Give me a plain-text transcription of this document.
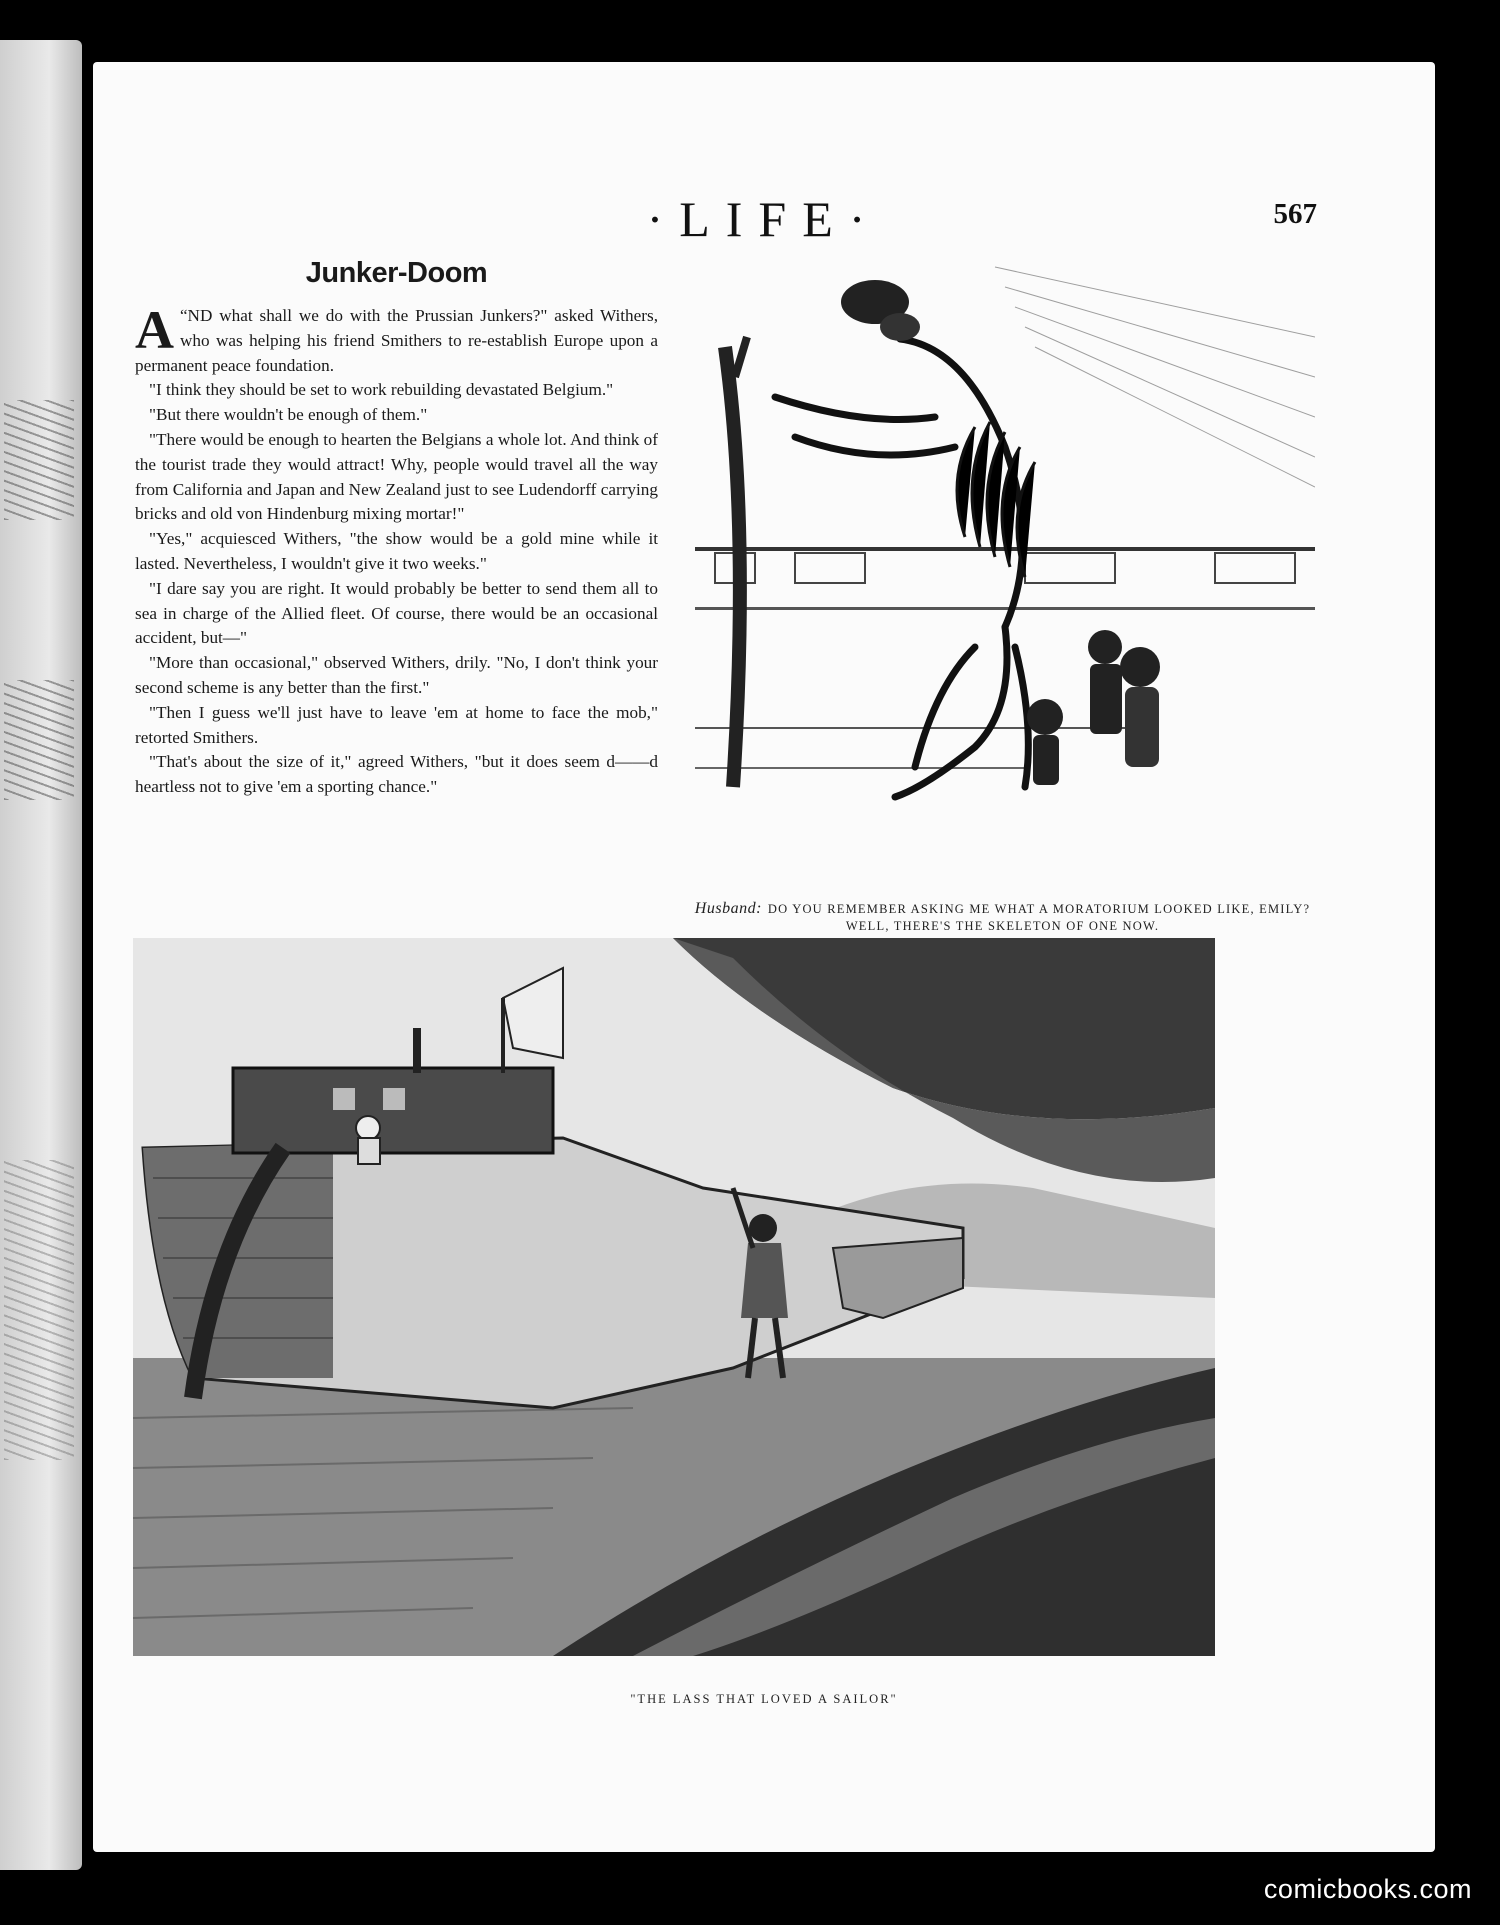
·LIFE·	567
Junker-Doom

“
A ND what shall we do with the Prussian Junkers?" asked Withers, who was helping his friend Smithers to re-establish Europe upon a permanent peace foundation.

"I think they should be set to work rebuilding devastated Belgium."

"But there wouldn't be enough of them."

"There would be enough to hearten the Belgians a whole lot. And think of the tourist trade they would attract! Why, people would travel all the way from California and Japan and New Zealand just to see Ludendorff carrying bricks and old von Hindenburg mixing mortar!"

"Yes," acquiesced Withers, "the show would be a gold mine while it lasted. Nevertheless, I wouldn't give it two weeks."

"I dare say you are right. It would probably be better to send them all to sea in charge of the Allied fleet. Of course, there would be an occasional accident, but—"

"More than occasional," observed Withers, drily. "No, I don't think your second scheme is any better than the first."

"Then I guess we'll just have to leave 'em at home to face the mob," retorted Smithers.

"That's about the size of it," agreed Withers, "but it does seem d——d heartless not to give 'em a sporting chance."

Husband: DO YOU REMEMBER ASKING ME WHAT A MORATORIUM LOOKED LIKE, EMILY? WELL, THERE'S THE SKELETON OF ONE NOW.
"THE LASS THAT LOVED A SAILOR"
comicbooks.com
